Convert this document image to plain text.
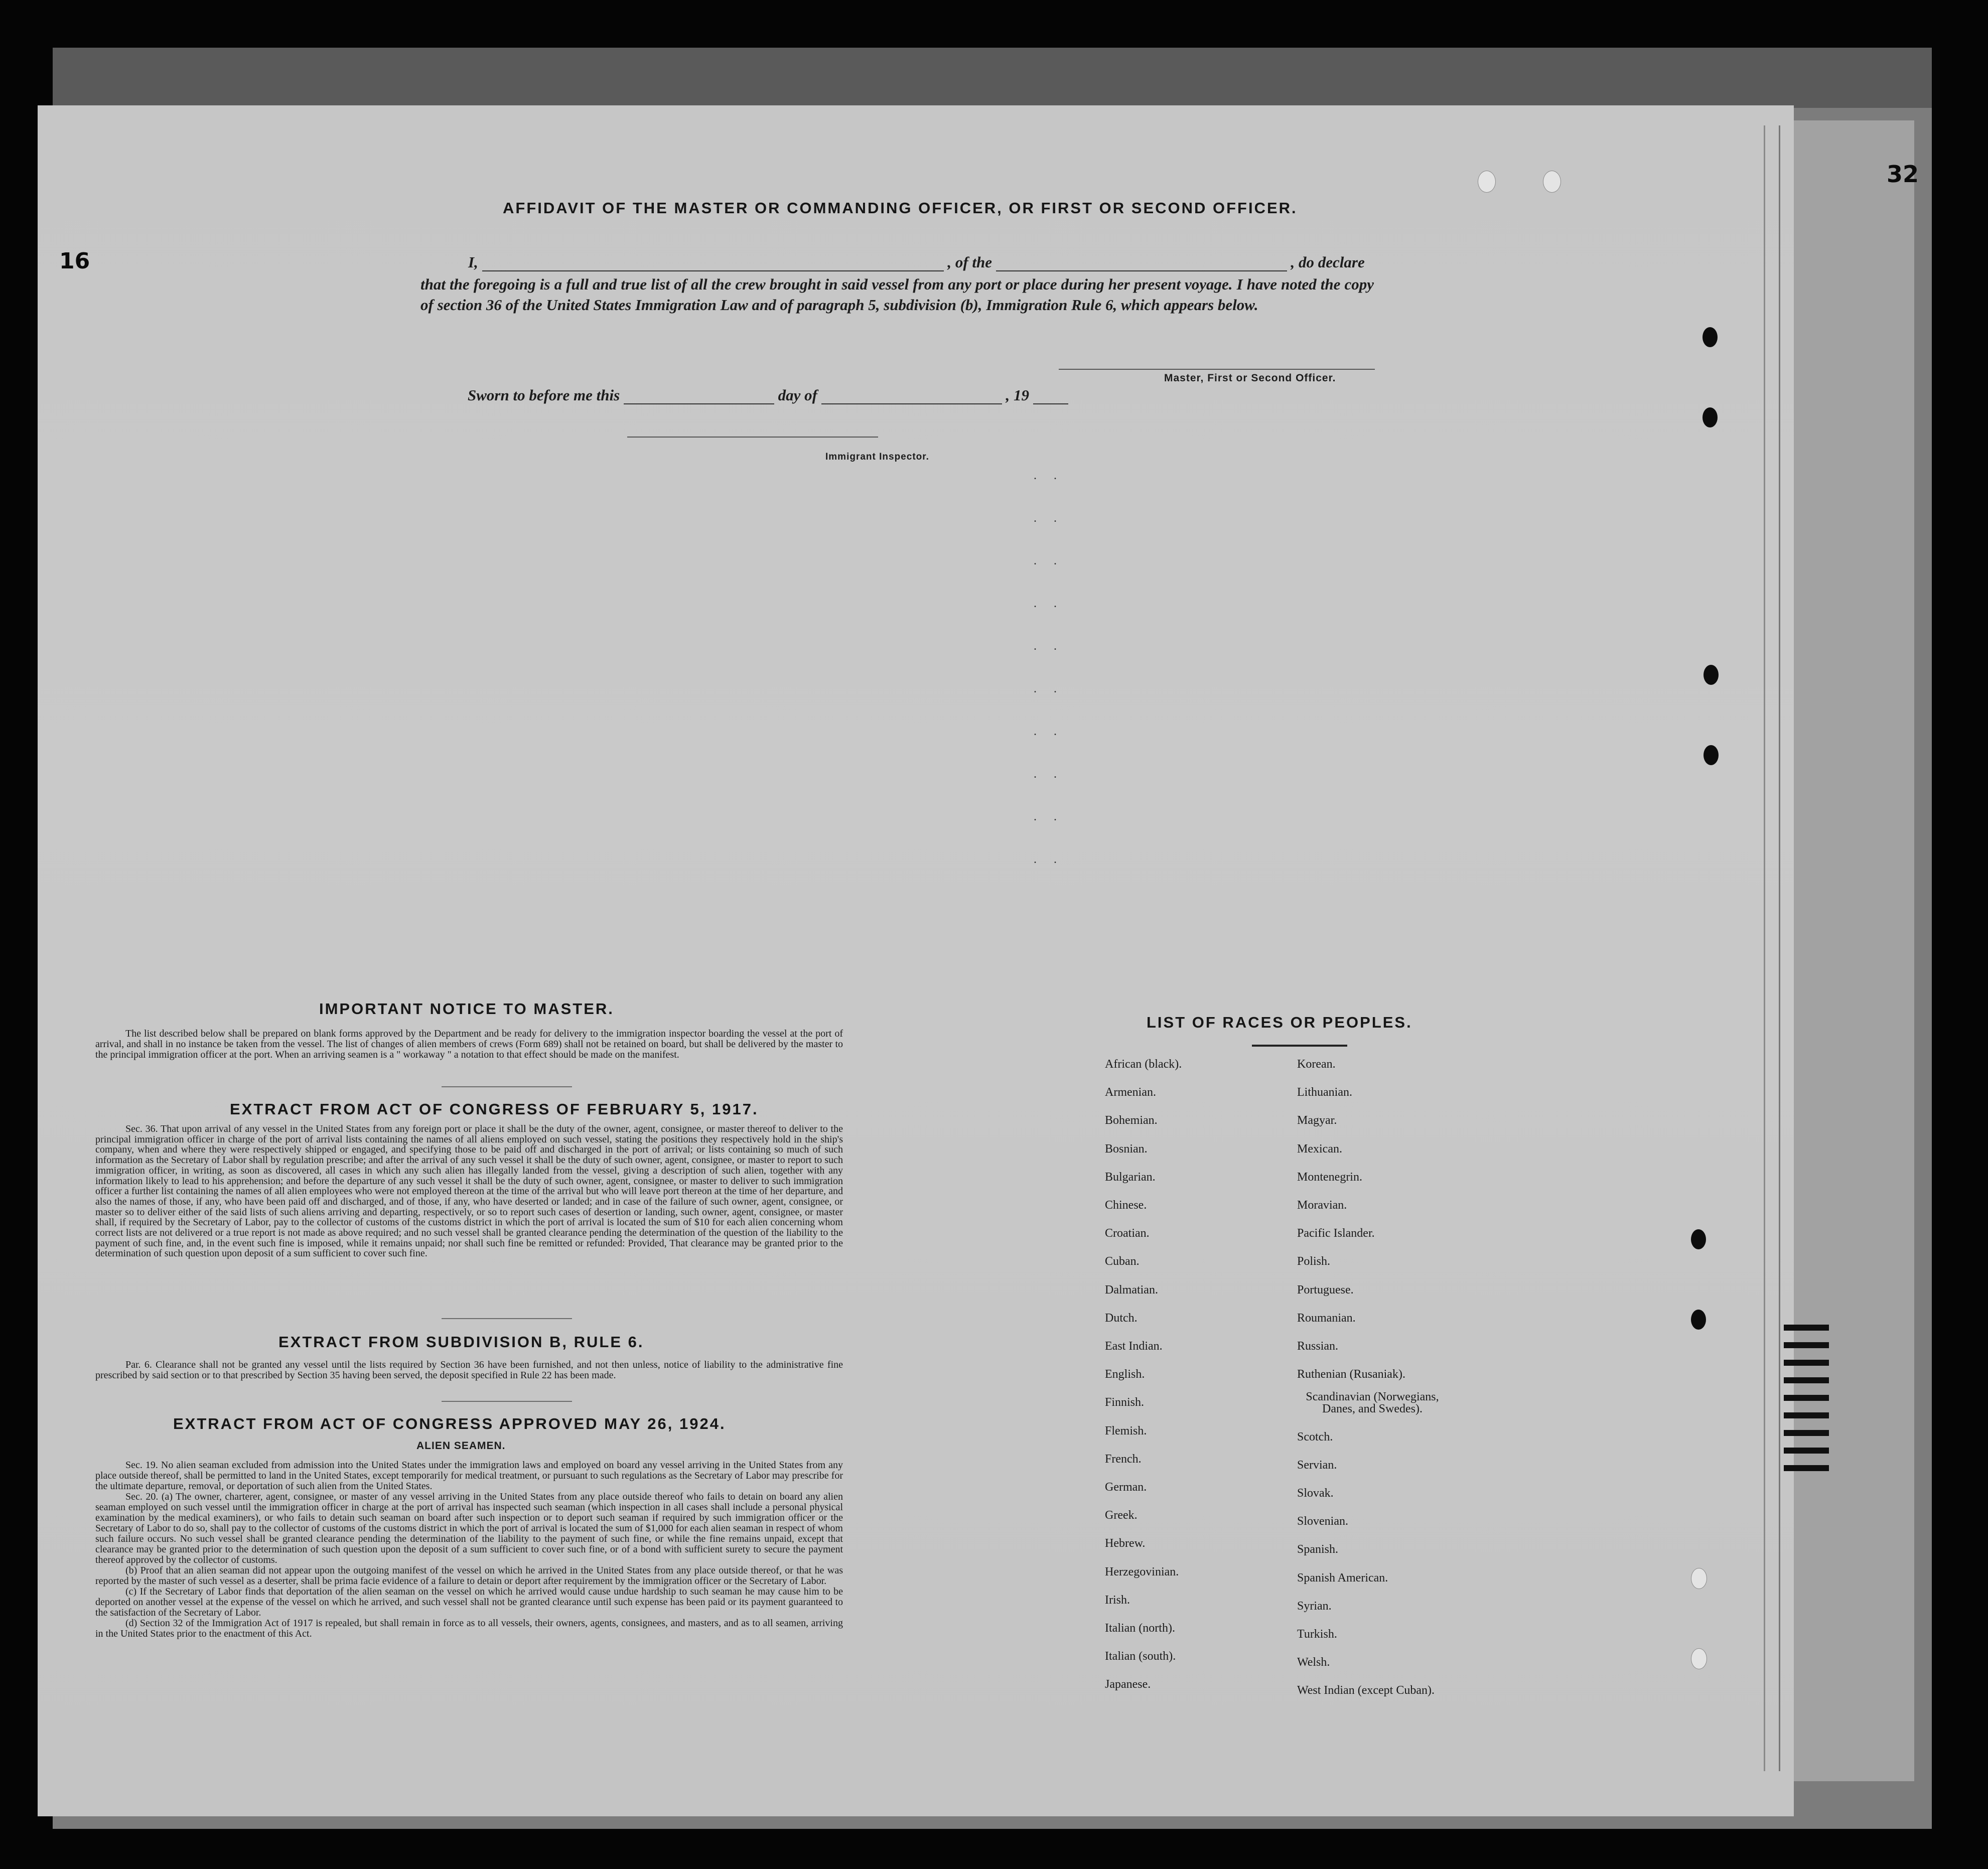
32
16
. .
. .
. .
. .
. .
. .
. .
. .
. .
. .
AFFIDAVIT OF THE MASTER OR COMMANDING OFFICER, OR FIRST OR SECOND OFFICER.
I,	, of the	, do declare
that the foregoing is a full and true list of all the crew brought in said vessel from any port or place during her present voyage. I have noted the copy of section 36 of the United States Immigration Law and of paragraph 5, subdivision (b), Immigration Rule 6, which appears below.
Master, First or Second Officer.
Sworn to before me this	day of	, 19
Immigrant Inspector.
IMPORTANT NOTICE TO MASTER.
The list described below shall be prepared on blank forms approved by the Department and be ready for delivery to the immigration inspector boarding the vessel at the port of arrival, and shall in no instance be taken from the vessel. The list of changes of alien members of crews (Form 689) shall not be retained on board, but shall be delivered by the master to the principal immigration officer at the port. When an arriving seamen is a " workaway " a notation to that effect should be made on the manifest.
EXTRACT FROM ACT OF CONGRESS OF FEBRUARY 5, 1917.
Sec. 36. That upon arrival of any vessel in the United States from any foreign port or place it shall be the duty of the owner, agent, consignee, or master thereof to deliver to the principal immigration officer in charge of the port of arrival lists containing the names of all aliens employed on such vessel, stating the positions they respectively hold in the ship's company, when and where they were respectively shipped or engaged, and specifying those to be paid off and discharged in the port of arrival; or lists containing so much of such information as the Secretary of Labor shall by regulation prescribe; and after the arrival of any such vessel it shall be the duty of such owner, agent, consignee, or master to report to such immigration officer, in writing, as soon as discovered, all cases in which any such alien has illegally landed from the vessel, giving a description of such alien, together with any information likely to lead to his apprehension; and before the departure of any such vessel it shall be the duty of such owner, agent, consignee, or master to deliver to such immigration officer a further list containing the names of all alien employees who were not employed thereon at the time of the arrival but who will leave port thereon at the time of her departure, and also the names of those, if any, who have been paid off and discharged, and of those, if any, who have deserted or landed; and in case of the failure of such owner, agent, consignee, or master so to deliver either of the said lists of such aliens arriving and departing, respectively, or so to report such cases of desertion or landing, such owner, agent, consignee, or master shall, if required by the Secretary of Labor, pay to the collector of customs of the customs district in which the port of arrival is located the sum of $10 for each alien concerning whom correct lists are not delivered or a true report is not made as above required; and no such vessel shall be granted clearance pending the determination of the question of the liability to the payment of such fine, and, in the event such fine is imposed, while it remains unpaid; nor shall such fine be remitted or refunded: Provided, That clearance may be granted prior to the determination of such question upon deposit of a sum sufficient to cover such fine.
EXTRACT FROM SUBDIVISION B, RULE 6.
Par. 6. Clearance shall not be granted any vessel until the lists required by Section 36 have been furnished, and not then unless, notice of liability to the administrative fine prescribed by said section or to that prescribed by Section 35 having been served, the deposit specified in Rule 22 has been made.
EXTRACT FROM ACT OF CONGRESS APPROVED MAY 26, 1924.
ALIEN SEAMEN.
Sec. 19. No alien seaman excluded from admission into the United States under the immigration laws and employed on board any vessel arriving in the United States from any place outside thereof, shall be permitted to land in the United States, except temporarily for medical treatment, or pursuant to such regulations as the Secretary of Labor may prescribe for the ultimate departure, removal, or deportation of such alien from the United States.
Sec. 20. (a) The owner, charterer, agent, consignee, or master of any vessel arriving in the United States from any place outside thereof who fails to detain on board any alien seaman employed on such vessel until the immigration officer in charge at the port of arrival has inspected such seaman (which inspection in all cases shall include a personal physical examination by the medical examiners), or who fails to detain such seaman on board after such inspection or to deport such seaman if required by such immigration officer or the Secretary of Labor to do so, shall pay to the collector of customs of the customs district in which the port of arrival is located the sum of $1,000 for each alien seaman in respect of whom such failure occurs. No such vessel shall be granted clearance pending the determination of the liability to the payment of such fine, or while the fine remains unpaid, except that clearance may be granted prior to the determination of such question upon the deposit of a sum sufficient to cover such fine, or of a bond with sufficient surety to secure the payment thereof approved by the collector of customs.
(b) Proof that an alien seaman did not appear upon the outgoing manifest of the vessel on which he arrived in the United States from any place outside thereof, or that he was reported by the master of such vessel as a deserter, shall be prima facie evidence of a failure to detain or deport after requirement by the immigration officer or the Secretary of Labor.
(c) If the Secretary of Labor finds that deportation of the alien seaman on the vessel on which he arrived would cause undue hardship to such seaman he may cause him to be deported on another vessel at the expense of the vessel on which he arrived, and such vessel shall not be granted clearance until such expense has been paid or its payment guaranteed to the satisfaction of the Secretary of Labor.
(d) Section 32 of the Immigration Act of 1917 is repealed, but shall remain in force as to all vessels, their owners, agents, consignees, and masters, and as to all seamen, arriving in the United States prior to the enactment of this Act.
LIST OF RACES OR PEOPLES.
African (black).
Armenian.
Bohemian.
Bosnian.
Bulgarian.
Chinese.
Croatian.
Cuban.
Dalmatian.
Dutch.
East Indian.
English.
Finnish.
Flemish.
French.
German.
Greek.
Hebrew.
Herzegovinian.
Irish.
Italian (north).
Italian (south).
Japanese.
Korean.
Lithuanian.
Magyar.
Mexican.
Montenegrin.
Moravian.
Pacific Islander.
Polish.
Portuguese.
Roumanian.
Russian.
Ruthenian (Rusaniak).
Scandinavian (Norwegians, Danes, and Swedes).
Scotch.
Servian.
Slovak.
Slovenian.
Spanish.
Spanish American.
Syrian.
Turkish.
Welsh.
West Indian (except Cuban).
